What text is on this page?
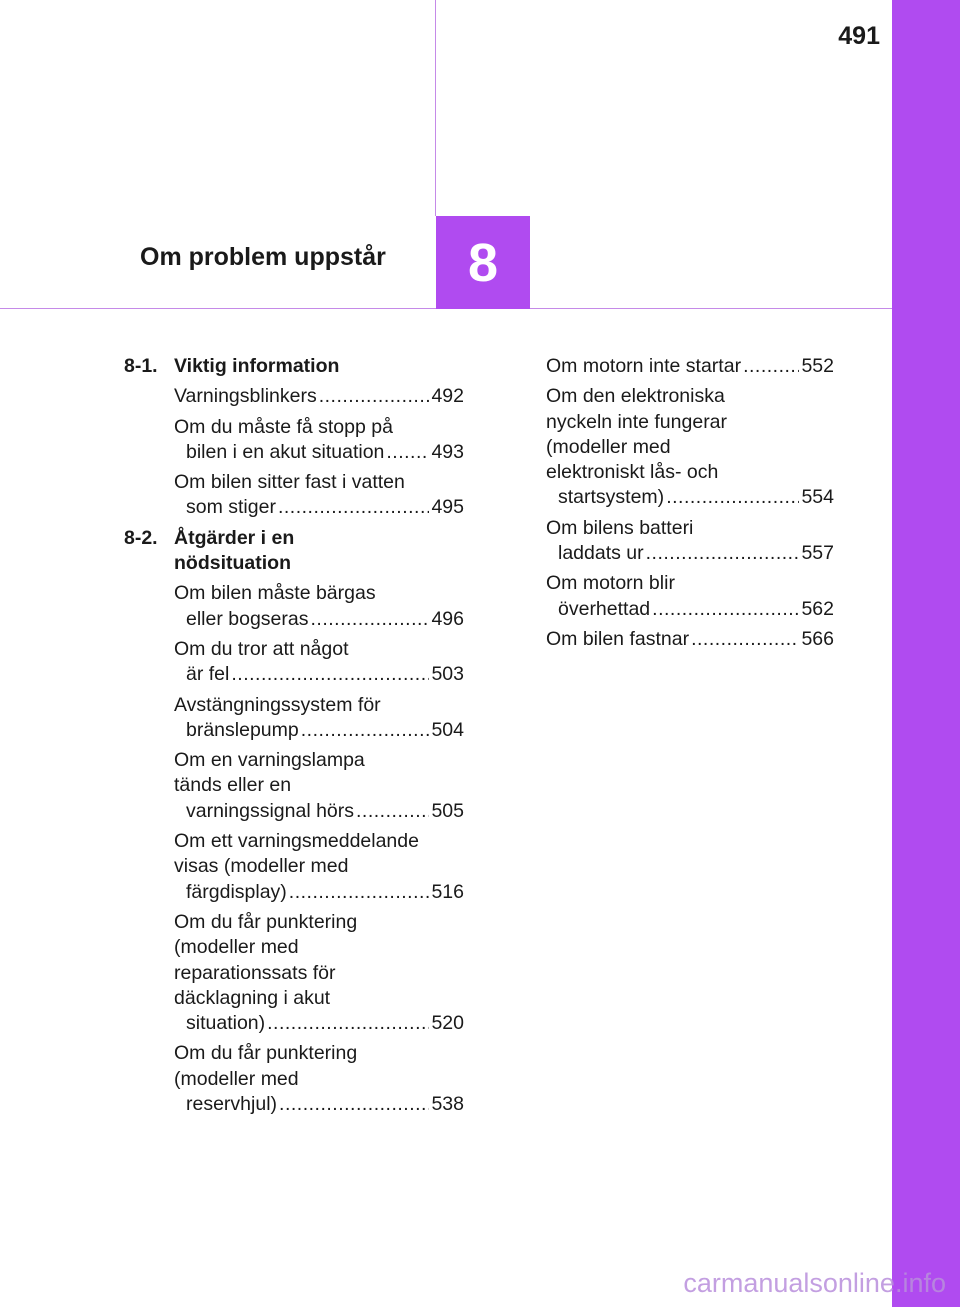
491
Om problem uppstår	8
8-1. Viktig information
Varningsblinkers .....	492
Om du måste få stopp på
bilen i en akut situation ..... 493
Om bilen sitter fast i vatten
som stiger .....	495
8-2. Åtgärder i en
nödsituation
Om bilen måste bärgas
eller bogseras .....	496
Om du tror att något
är fel .....	503
Avstängningssystem för
bränslepump .....	504
Om en varningslampa
tänds eller en
varningssignal hörs .....	505
Om ett varningsmeddelande
visas (modeller med
färgdisplay) .....	516
Om du får punktering
(modeller med
reparationssats för
däcklagning i akut
situation) .....	520
Om du får punktering
(modeller med
reservhjul) .....	538
Om motorn inte startar .....	552
Om den elektroniska
nyckeln inte fungerar
(modeller med
elektroniskt lås- och
startsystem) .....	554
Om bilens batteri
laddats ur .....	557
Om motorn blir
överhettad .....	562
Om bilen fastnar .....	566
carmanualsonline.info
